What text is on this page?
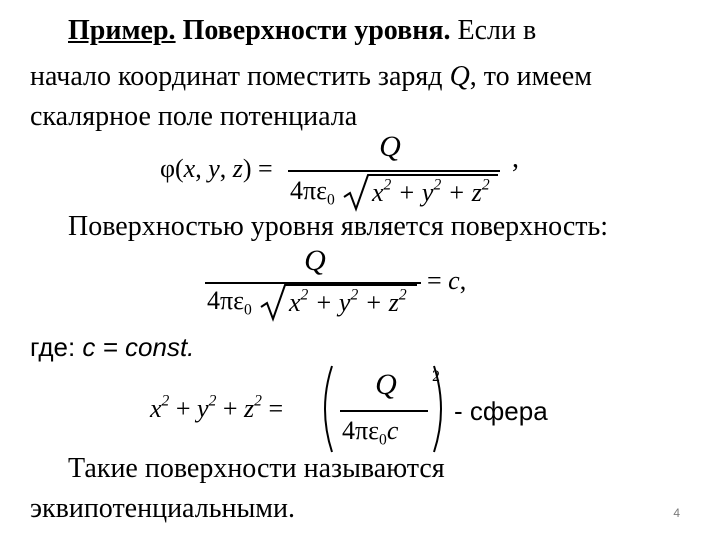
Пример. Поверхности уровня. Если в
начало координат поместить заряд Q, то имеем
скалярное поле потенциала
φ(x, y, z) =
Q
$4\pi\varepsilon_0$ $x^2 + y^2 + z^2$
,
Поверхностью уровня является поверхность:
Q
$4\pi\varepsilon_0$ $x^2 + y^2 + z^2 = c$,
где: c = const.
$x^2 + y^2 + z^2$ =
Q
$4\pi\varepsilon_0c$
2
- сфера
Такие поверхности называются
эквипотенциальными.	4
